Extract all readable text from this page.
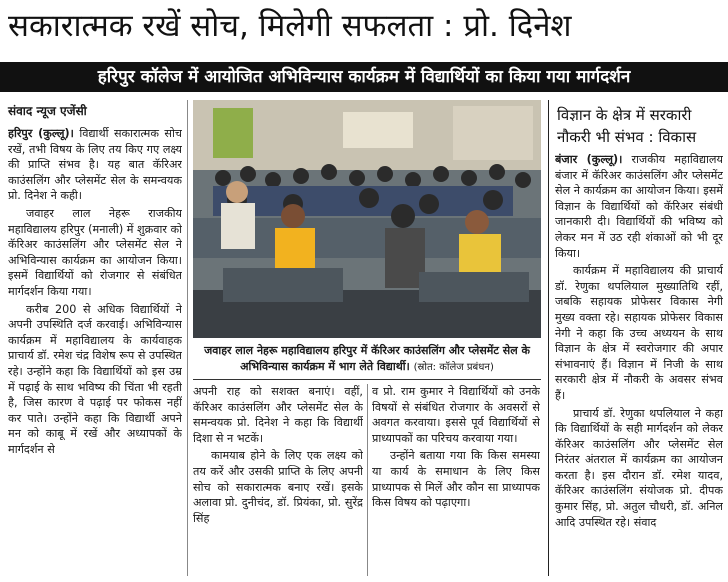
सकारात्मक रखें सोच, मिलेगी सफलता : प्रो. दिनेश
हरिपुर कॉलेज में आयोजित अभिविन्यास कार्यक्रम में विद्यार्थियों का किया गया मार्गदर्शन
संवाद न्यूज एजेंसी

हरिपुर (कुल्लू)। विद्यार्थी सकारात्मक सोच रखें, तभी विषय के लिए तय किए गए लक्ष्य की प्राप्ति संभव है। यह बात कॅरिअर काउंसलिंग और प्लेसमेंट सेल के समन्वयक प्रो. दिनेश ने कही।

जवाहर लाल नेहरू राजकीय महाविद्यालय हरिपुर (मनाली) में शुक्रवार को कॅरिअर काउंसलिंग और प्लेसमेंट सेल ने अभिविन्यास कार्यक्रम का आयोजन किया। इसमें विद्यार्थियों को रोजगार से संबंधित मार्गदर्शन किया गया।

करीब 200 से अधिक विद्यार्थियों ने अपनी उपस्थिति दर्ज करवाई। अभिविन्यास कार्यक्रम में महाविद्यालय के कार्यवाहक प्राचार्य डॉ. रमेश चंद्र विशेष रूप से उपस्थित रहे। उन्होंने कहा कि विद्यार्थियों को इस उम्र में पढ़ाई के साथ भविष्य की चिंता भी रहती है, जिस कारण वे पढ़ाई पर फोकस नहीं कर पाते। उन्होंने कहा कि विद्यार्थी अपने मन को काबू में रखें और अध्यापकों के मार्गदर्शन से

जवाहर लाल नेहरू महाविद्यालय हरिपुर में कॅरिअर काउंसलिंग और प्लेसमेंट सेल के अभिविन्यास कार्यक्रम में भाग लेते विद्यार्थी। (स्रोत: कॉलेज प्रबंधन)

अपनी राह को सशक्त बनाएं। वहीं, कॅरिअर काउंसलिंग और प्लेसमेंट सेल के समन्वयक प्रो. दिनेश ने कहा कि विद्यार्थी दिशा से न भटकें।

कामयाब होने के लिए एक लक्ष्य को तय करें और उसकी प्राप्ति के लिए अपनी सोच को सकारात्मक बनाए रखें। इसके अलावा प्रो. दुनीचंद, डॉ. प्रियंका, प्रो. सुरेंद्र सिंह

व प्रो. राम कुमार ने विद्यार्थियों को उनके विषयों से संबंधित रोजगार के अवसरों से अवगत करवाया। इससे पूर्व विद्यार्थियों से प्राध्यापकों का परिचय करवाया गया।

उन्होंने बताया गया कि किस समस्या या कार्य के समाधान के लिए किस प्राध्यापक से मिलें और कौन सा प्राध्यापक किस विषय को पढ़ाएगा।

विज्ञान के क्षेत्र में सरकारी नौकरी भी संभव : विकास

बंजार (कुल्लू)। राजकीय महाविद्यालय बंजार में कॅरिअर काउंसलिंग और प्लेसमेंट सेल ने कार्यक्रम का आयोजन किया। इसमें विज्ञान के विद्यार्थियों को कॅरिअर संबंधी जानकारी दी। विद्यार्थियों की भविष्य को लेकर मन में उठ रही शंकाओं को भी दूर किया।

कार्यक्रम में महाविद्यालय की प्राचार्य डॉ. रेणुका थपलियाल मुख्यातिथि रहीं, जबकि सहायक प्रोफेसर विकास नेगी मुख्य वक्ता रहे। सहायक प्रोफेसर विकास नेगी ने कहा कि उच्च अध्ययन के साथ विज्ञान के क्षेत्र में स्वरोजगार की अपार संभावनाएं हैं। विज्ञान में निजी के साथ सरकारी क्षेत्र में नौकरी के अवसर संभव हैं।

प्राचार्य डॉ. रेणुका थपलियाल ने कहा कि विद्यार्थियों के सही मार्गदर्शन को लेकर कॅरिअर काउंसलिंग और प्लेसमेंट सेल निरंतर अंतराल में कार्यक्रम का आयोजन करता है। इस दौरान डॉ. रमेश यादव, कॅरिअर काउंसलिंग संयोजक प्रो. दीपक कुमार सिंह, प्रो. अतुल चौधरी, डॉ. अनिल आदि उपस्थित रहे। संवाद
